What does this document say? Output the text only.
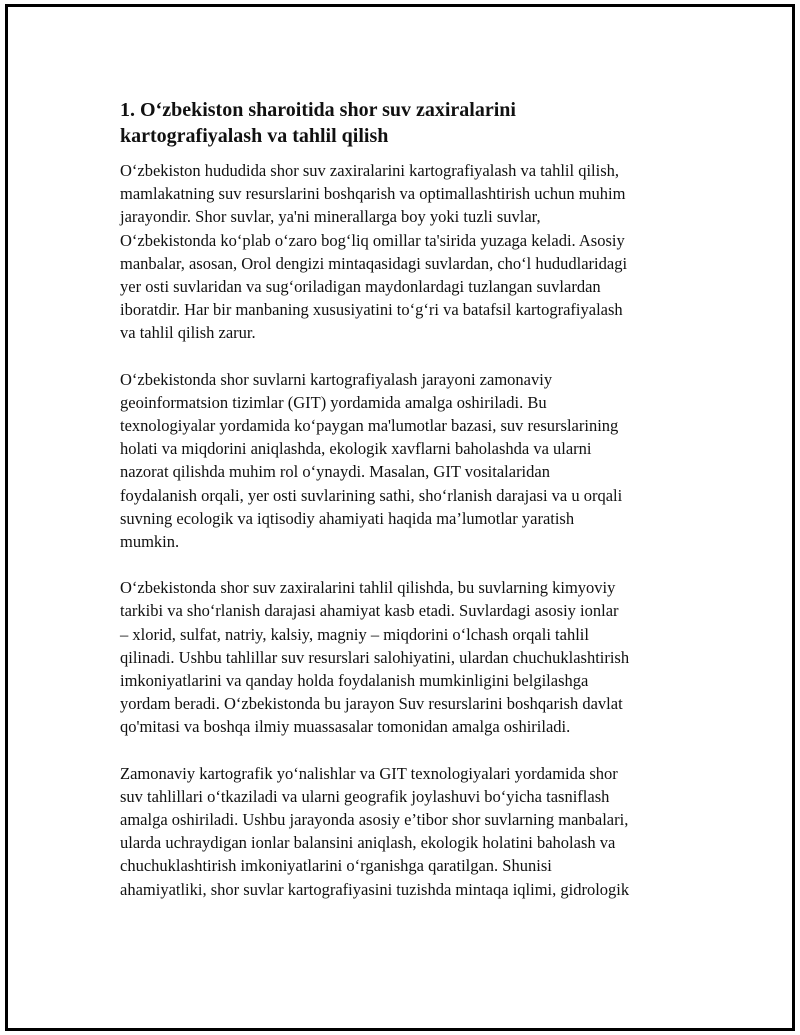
1. O‘zbekiston sharoitida shor suv zaxiralarini
kartografiyalash va tahlil qilish

O‘zbekiston hududida shor suv zaxiralarini kartografiyalash va tahlil qilish,
mamlakatning suv resurslarini boshqarish va optimallashtirish uchun muhim
jarayondir. Shor suvlar, ya'ni minerallarga boy yoki tuzli suvlar,
O‘zbekistonda ko‘plab o‘zaro bog‘liq omillar ta'sirida yuzaga keladi. Asosiy
manbalar, asosan, Orol dengizi mintaqasidagi suvlardan, cho‘l hududlaridagi
yer osti suvlaridan va sug‘oriladigan maydonlardagi tuzlangan suvlardan
iboratdir. Har bir manbaning xususiyatini to‘g‘ri va batafsil kartografiyalash
va tahlil qilish zarur.

O‘zbekistonda shor suvlarni kartografiyalash jarayoni zamonaviy
geoinformatsion tizimlar (GIT) yordamida amalga oshiriladi. Bu
texnologiyalar yordamida ko‘paygan ma'lumotlar bazasi, suv resurslarining
holati va miqdorini aniqlashda, ekologik xavflarni baholashda va ularni
nazorat qilishda muhim rol o‘ynaydi. Masalan, GIT vositalaridan
foydalanish orqali, yer osti suvlarining sathi, sho‘rlanish darajasi va u orqali
suvning ecologik va iqtisodiy ahamiyati haqida ma’lumotlar yaratish
mumkin.

O‘zbekistonda shor suv zaxiralarini tahlil qilishda, bu suvlarning kimyoviy
tarkibi va sho‘rlanish darajasi ahamiyat kasb etadi. Suvlardagi asosiy ionlar
– xlorid, sulfat, natriy, kalsiy, magniy – miqdorini o‘lchash orqali tahlil
qilinadi. Ushbu tahlillar suv resurslari salohiyatini, ulardan chuchuklashtirish
imkoniyatlarini va qanday holda foydalanish mumkinligini belgilashga
yordam beradi. O‘zbekistonda bu jarayon Suv resurslarini boshqarish davlat
qo'mitasi va boshqa ilmiy muassasalar tomonidan amalga oshiriladi.

Zamonaviy kartografik yo‘nalishlar va GIT texnologiyalari yordamida shor
suv tahlillari o‘tkaziladi va ularni geografik joylashuvi bo‘yicha tasniflash
amalga oshiriladi. Ushbu jarayonda asosiy e’tibor shor suvlarning manbalari,
ularda uchraydigan ionlar balansini aniqlash, ekologik holatini baholash va
chuchuklashtirish imkoniyatlarini o‘rganishga qaratilgan. Shunisi
ahamiyatliki, shor suvlar kartografiyasini tuzishda mintaqa iqlimi, gidrologik
